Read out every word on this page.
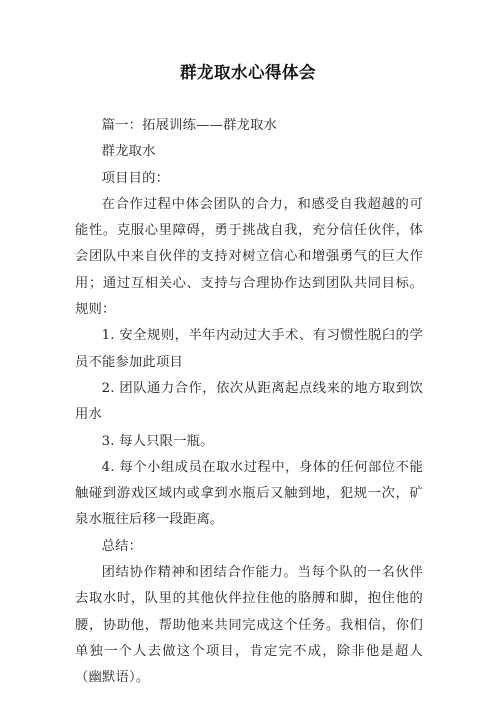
群龙取水心得体会

篇一：拓展训练——群龙取水

群龙取水

项目目的：

在合作过程中体会团队的合力，和感受自我超越的可能性。克服心里障碍，勇于挑战自我，充分信任伙伴，体会团队中来自伙伴的支持对树立信心和增强勇气的巨大作用；通过互相关心、支持与合理协作达到团队共同目标。 规则：

1. 安全规则，半年内动过大手术、有习惯性脱臼的学员不能参加此项目

2. 团队通力合作，依次从距离起点线来的地方取到饮用水

3. 每人只限一瓶。

4. 每个小组成员在取水过程中，身体的任何部位不能触碰到游戏区域内或拿到水瓶后又触到地，犯规一次，矿泉水瓶往后移一段距离。

总结：

团结协作精神和团结合作能力。当每个队的一名伙伴去取水时，队里的其他伙伴拉住他的胳膊和脚，抱住他的腰，协助他，帮助他来共同完成这个任务。我相信，你们单独一个人去做这个项目，肯定完不成，除非他是超人（幽默语）。
